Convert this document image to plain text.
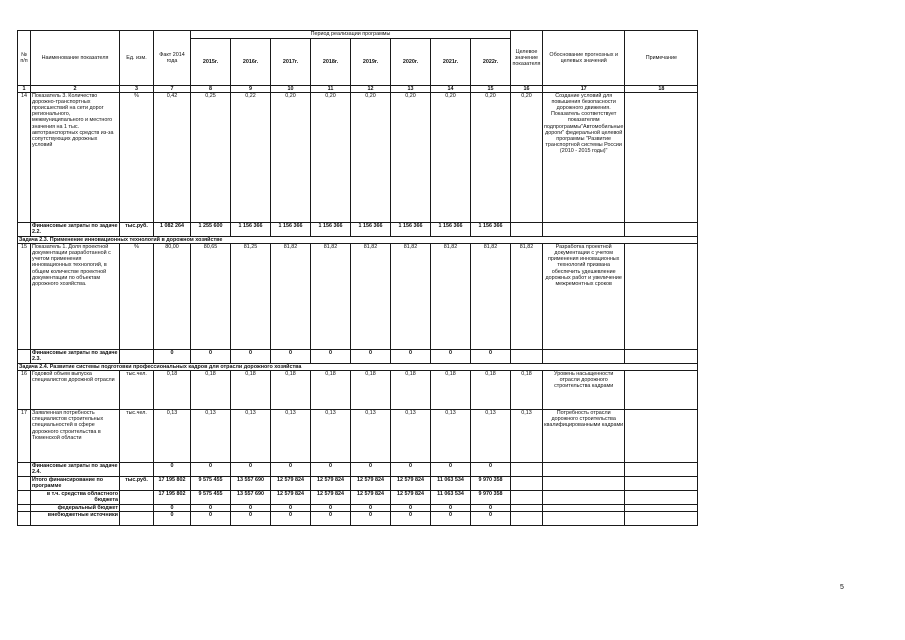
№ п/п	Наименование показателя	Ед. изм.	Факт 2014 года	Период реализации программы								Целевое значение показателя	Обоснование прогнозных и целевых значений	Примечание
				2015г.	2016г.	2017г.	2018г.	2019г.	2020г.	2021г.	2022г.			
1	2	3	7	8	9	10	11	12	13	14	15	16	17	18
14	Показатель 3. Количество дорожно-транспортных происшествий на сети дорог регионального, межмуниципального и местного значения на 1 тыс. автотранспортных средств из-за сопутствующих дорожных условий	%	0,42	0,25	0,22	0,20	0,20	0,20	0,20	0,20	0,20	0,20	Создание условий для повышения безопасности дорожного движения. Показатель соответствует показателям подпрограммы"Автомобильные дороги" федеральной целевой программы "Развитие транспортной системы России (2010 - 2015 годы)"	
	Финансовые затраты по задаче 2.2.	тыс.руб.	1 082 264	1 255 600	1 156 366	1 156 366	1 156 366	1 156 366	1 156 366	1 156 366	1 156 366			
Задача 2.3. Применение инновационных технологий в дорожном хозяйстве														
15	Показатель 1. Доля проектной документации разработанной с учетом применения инновационных технологий, в общем количестве проектной документации по объектам дорожного хозяйства.	%	80,00	80,65	81,25	81,82	81,82	81,82	81,82	81,82	81,82	81,82	Разработка проектной документации с учетом применения инновационных технологий призвана обеспечить удешевление дорожных работ и увеличение межремонтных сроков	
	Финансовые затраты по задаче 2.3.		0	0	0	0	0	0	0	0	0			
Задача 2.4. Развитие системы подготовки профессиональных кадров для отрасли дорожного хозяйства														
16	Годовой объем выпуска специалистов дорожной отрасли	тыс.чел.	0,18	0,18	0,18	0,18	0,18	0,18	0,18	0,18	0,18	0,18	Уровень насыщенности отрасли дорожного строительства кадрами	
17	Заявленная потребность специалистов строительных специальностей в сфере дорожного строительства в Тюменской области	тыс.чел.	0,13	0,13	0,13	0,13	0,13	0,13	0,13	0,13	0,13	0,13	Потребность отрасли дорожного строительства квалифицированными кадрами	
	Финансовые затраты по задаче 2.4.		0	0	0	0	0	0	0	0	0			
	Итого финансирование по программе	тыс.руб.	17 195 802	9 575 455	13 557 690	12 579 824	12 579 824	12 579 824	12 579 824	11 063 534	9 970 358			
	в т.ч. средства областного бюджета		17 195 802	9 575 455	13 557 690	12 579 824	12 579 824	12 579 824	12 579 824	11 063 534	9 970 358			
	федеральный бюджет		0	0	0	0	0	0	0	0	0			
	внебюджетные источники		0	0	0	0	0	0	0	0	0			
5
